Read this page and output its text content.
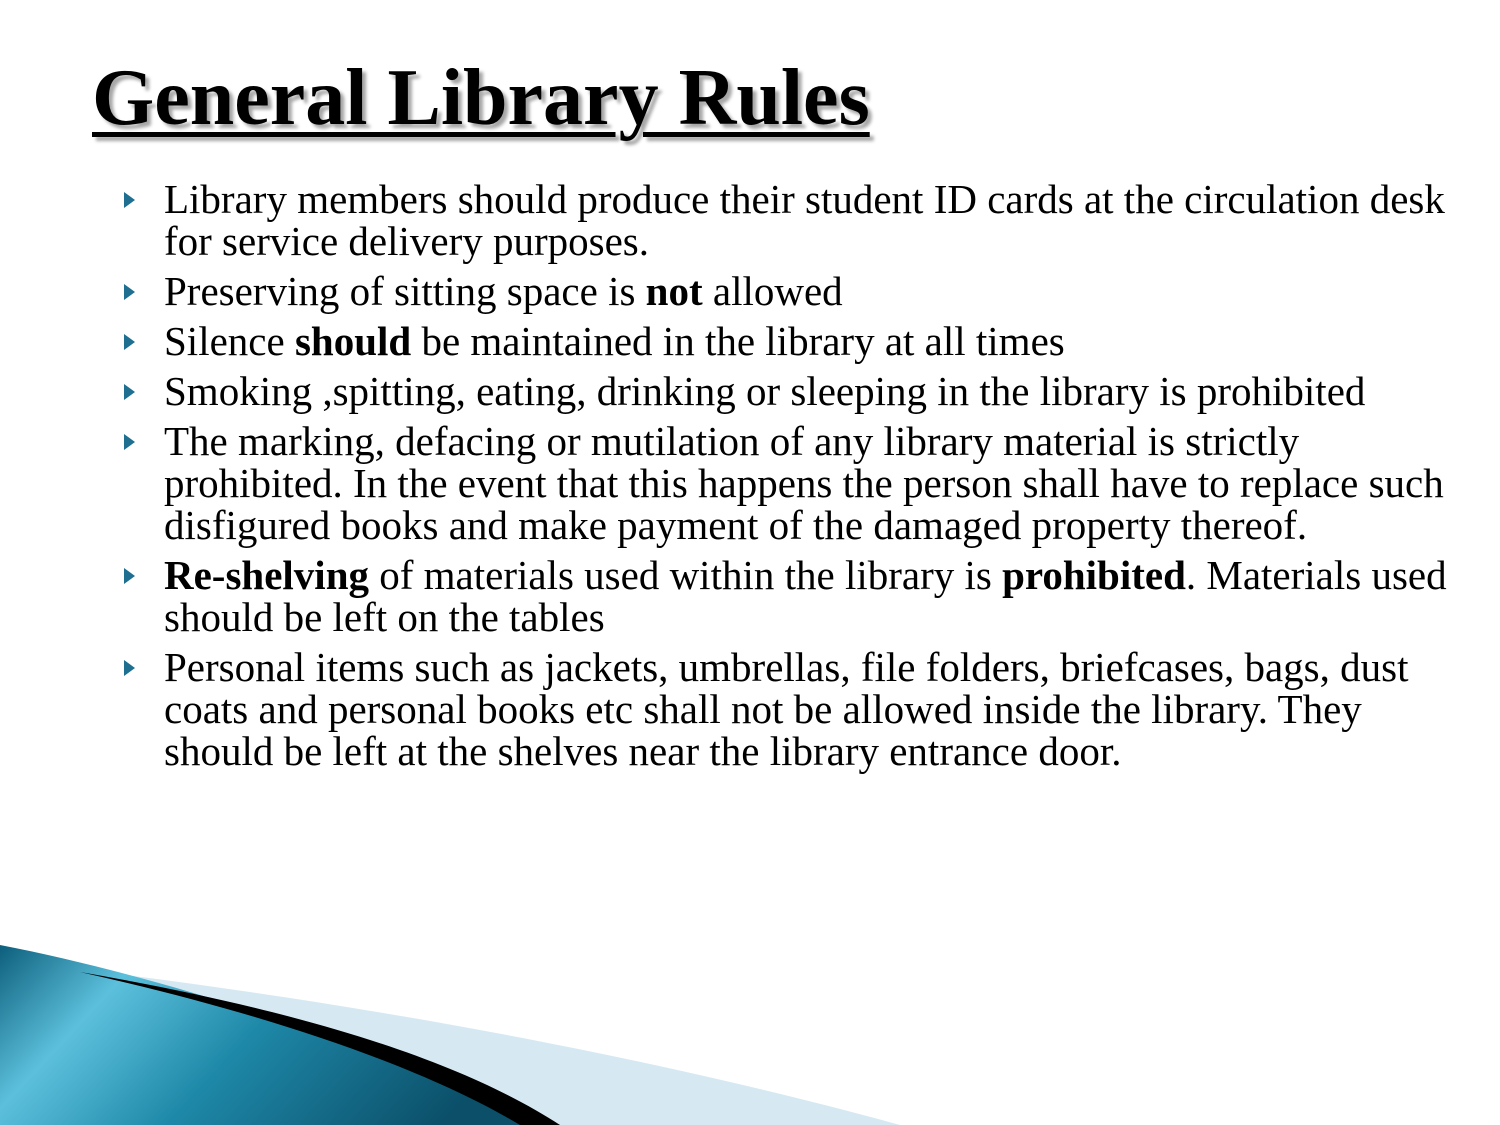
General Library Rules
Library members should produce their student ID cards at the circulation desk for service delivery purposes.
Preserving of sitting space is not allowed
Silence should be maintained in the library at all times
Smoking ,spitting, eating, drinking or sleeping in the library is prohibited
The marking, defacing or mutilation of any library material is strictly prohibited. In the event that this happens the person shall have to replace such disfigured books and make payment of the damaged property thereof.
Re-shelving of materials used within the library is prohibited. Materials used should be left on the tables
Personal items such as jackets, umbrellas, file folders, briefcases, bags, dust coats and personal books etc shall not be allowed inside the library. They should be left at the shelves near the library entrance door.
